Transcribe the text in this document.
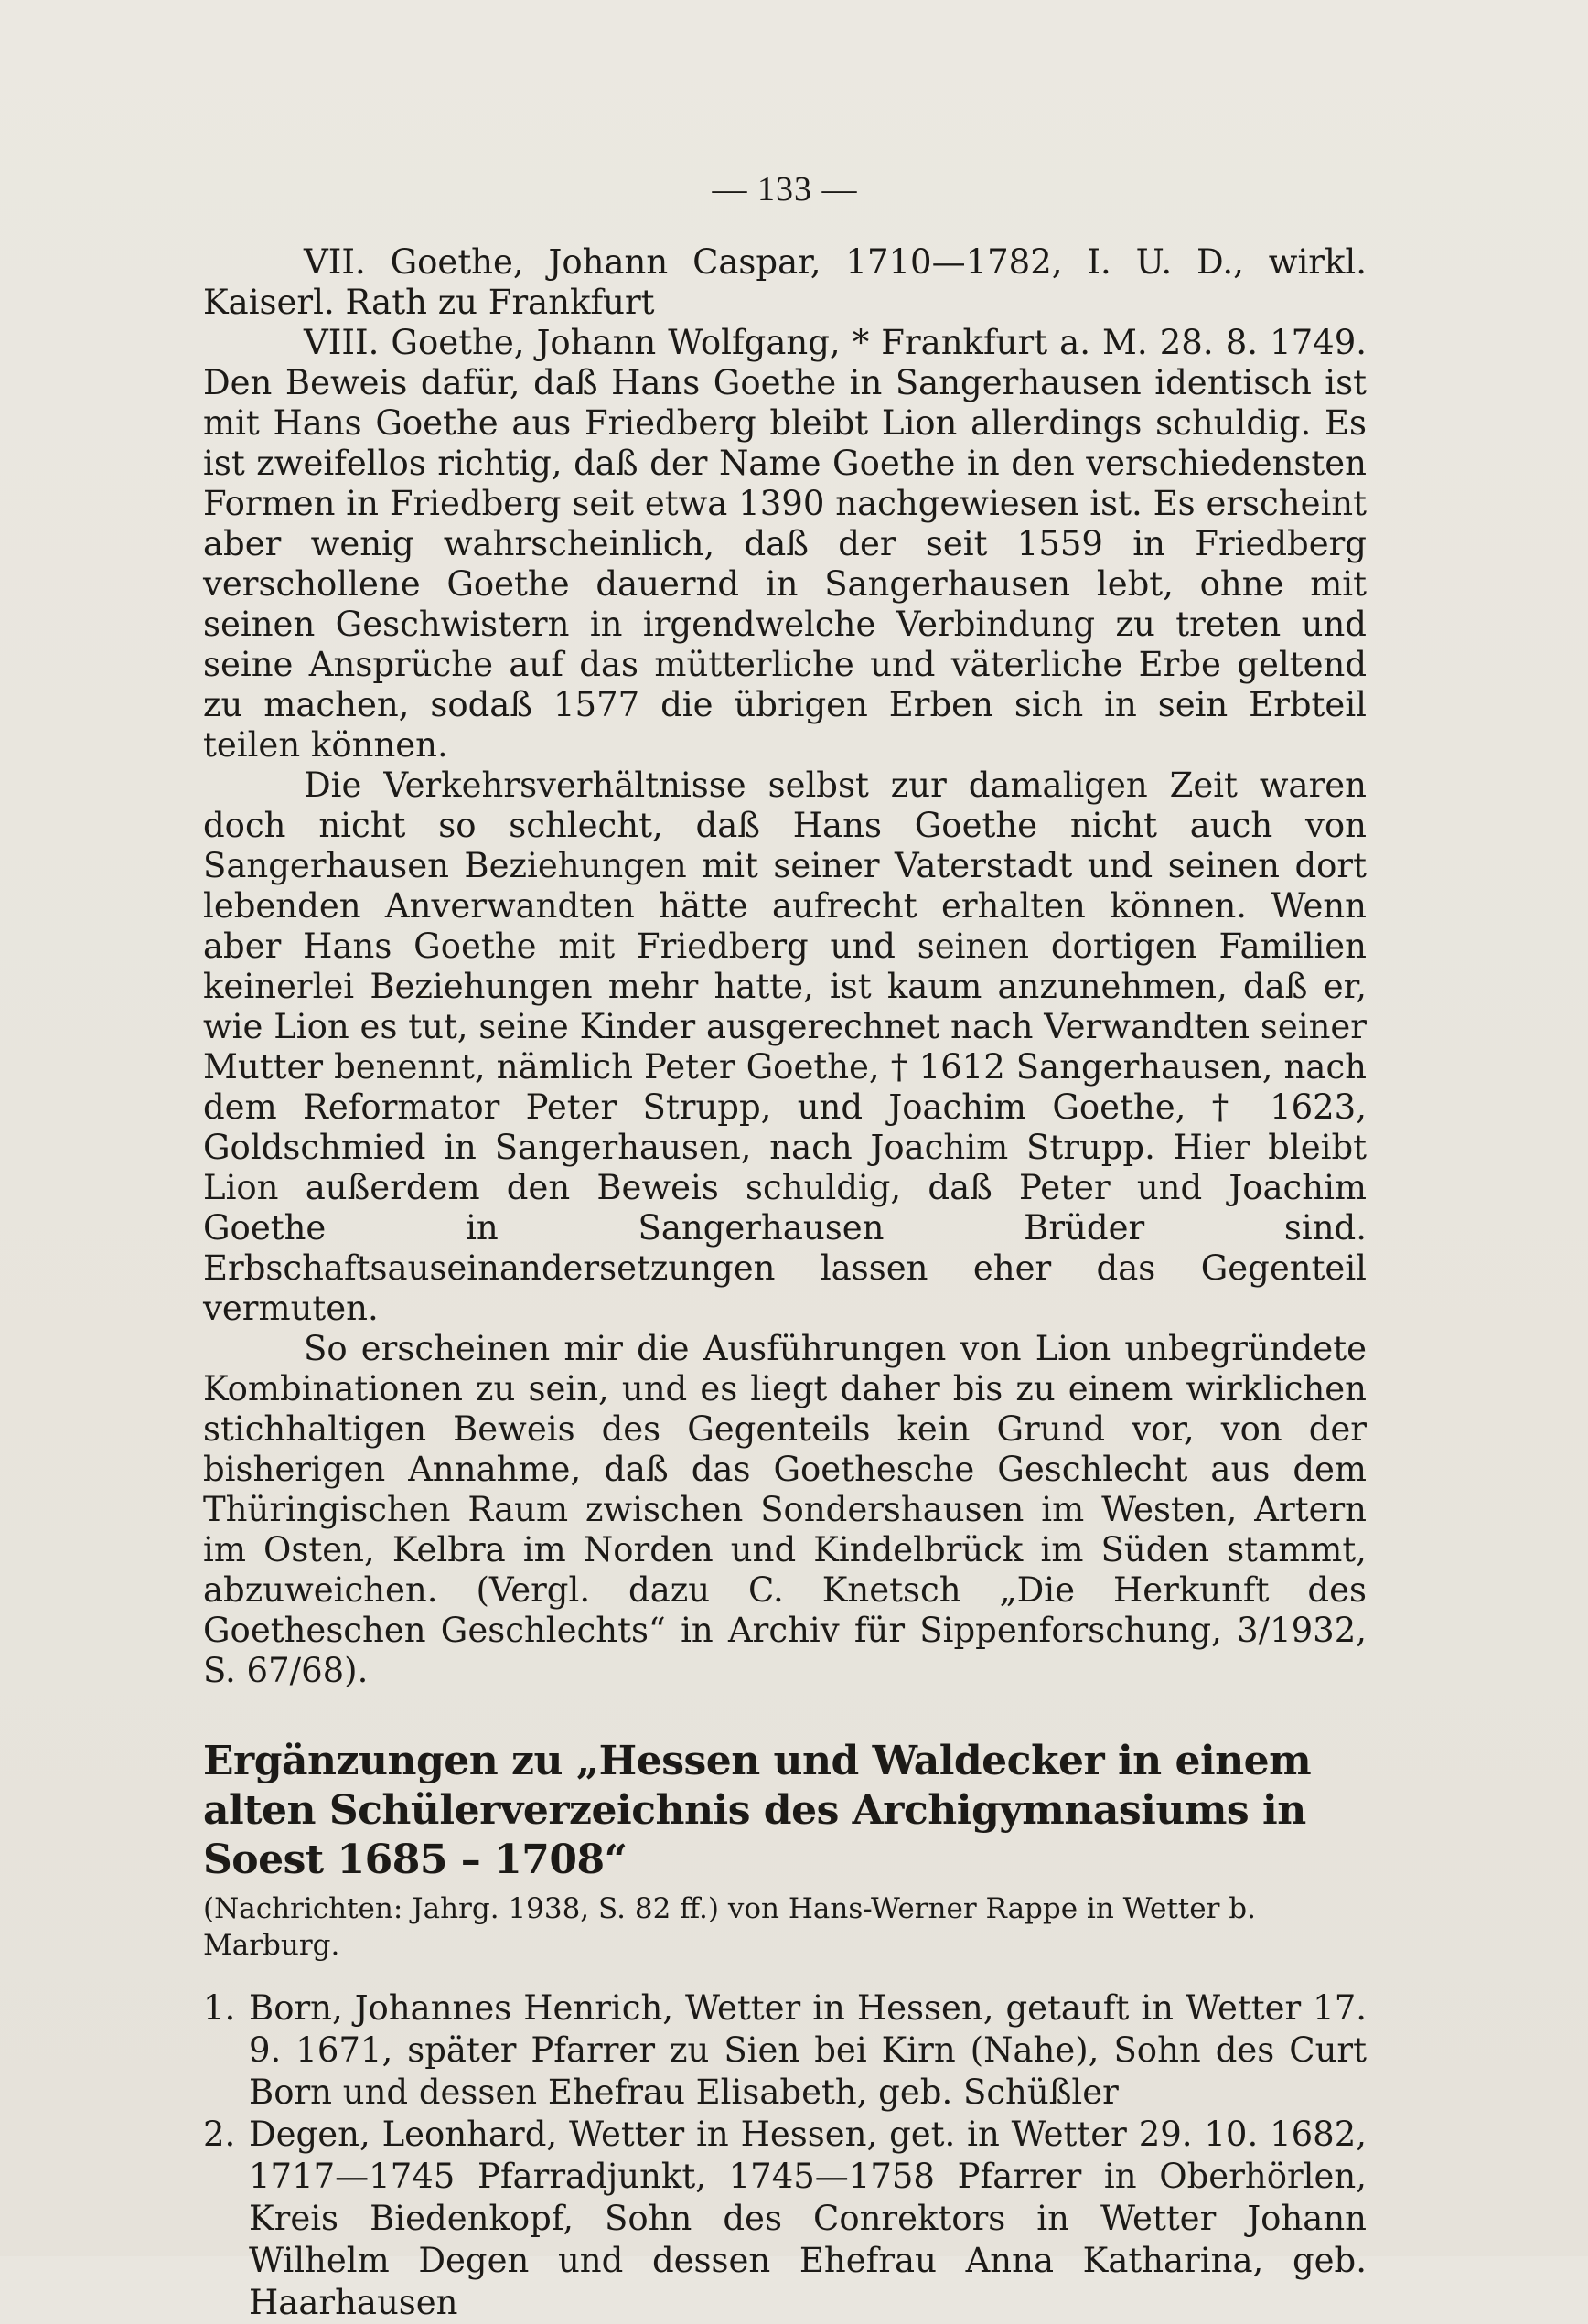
— 133 —

VII. Goethe, Johann Caspar, 1710—1782, I. U. D., wirkl. Kaiserl. Rath zu Frankfurt

VIII. Goethe, Johann Wolfgang, * Frankfurt a. M. 28. 8. 1749. Den Beweis dafür, daß Hans Goethe in Sangerhausen identisch ist mit Hans Goethe aus Friedberg bleibt Lion allerdings schuldig. Es ist zweifellos richtig, daß der Name Goethe in den verschiedensten Formen in Friedberg seit etwa 1390 nachgewiesen ist. Es erscheint aber wenig wahrscheinlich, daß der seit 1559 in Friedberg verschollene Goethe dauernd in Sangerhausen lebt, ohne mit seinen Geschwistern in irgendwelche Verbindung zu treten und seine Ansprüche auf das mütterliche und väterliche Erbe geltend zu machen, sodaß 1577 die übrigen Erben sich in sein Erbteil teilen können.

Die Verkehrsverhältnisse selbst zur damaligen Zeit waren doch nicht so schlecht, daß Hans Goethe nicht auch von Sangerhausen Beziehungen mit seiner Vaterstadt und seinen dort lebenden Anverwandten hätte aufrecht erhalten können. Wenn aber Hans Goethe mit Friedberg und seinen dortigen Familien keinerlei Beziehungen mehr hatte, ist kaum anzunehmen, daß er, wie Lion es tut, seine Kinder ausgerechnet nach Verwandten seiner Mutter benennt, nämlich Peter Goethe, † 1612 Sangerhausen, nach dem Reformator Peter Strupp, und Joachim Goethe, † 1623, Goldschmied in Sangerhausen, nach Joachim Strupp. Hier bleibt Lion außerdem den Beweis schuldig, daß Peter und Joachim Goethe in Sangerhausen Brüder sind. Erbschaftsauseinandersetzungen lassen eher das Gegenteil vermuten.

So erscheinen mir die Ausführungen von Lion unbegründete Kombinationen zu sein, und es liegt daher bis zu einem wirklichen stichhaltigen Beweis des Gegenteils kein Grund vor, von der bisherigen Annahme, daß das Goethesche Geschlecht aus dem Thüringischen Raum zwischen Sondershausen im Westen, Artern im Osten, Kelbra im Norden und Kindelbrück im Süden stammt, abzuweichen. (Vergl. dazu C. Knetsch „Die Herkunft des Goetheschen Geschlechts“ in Archiv für Sippenforschung, 3/1932, S. 67/68).

Ergänzungen zu „Hessen und Waldecker in einem alten Schülerverzeichnis des Archigymnasiums in Soest 1685 – 1708“
(Nachrichten: Jahrg. 1938, S. 82 ff.) von Hans-Werner Rappe in Wetter b. Marburg.
1. Born, Johannes Henrich, Wetter in Hessen, getauft in Wetter 17. 9. 1671, später Pfarrer zu Sien bei Kirn (Nahe), Sohn des Curt Born und dessen Ehefrau Elisabeth, geb. Schüßler
2. Degen, Leonhard, Wetter in Hessen, get. in Wetter 29. 10. 1682, 1717—1745 Pfarradjunkt, 1745—1758 Pfarrer in Oberhörlen, Kreis Biedenkopf, Sohn des Conrektors in Wetter Johann Wilhelm Degen und dessen Ehefrau Anna Katharina, geb. Haarhausen
